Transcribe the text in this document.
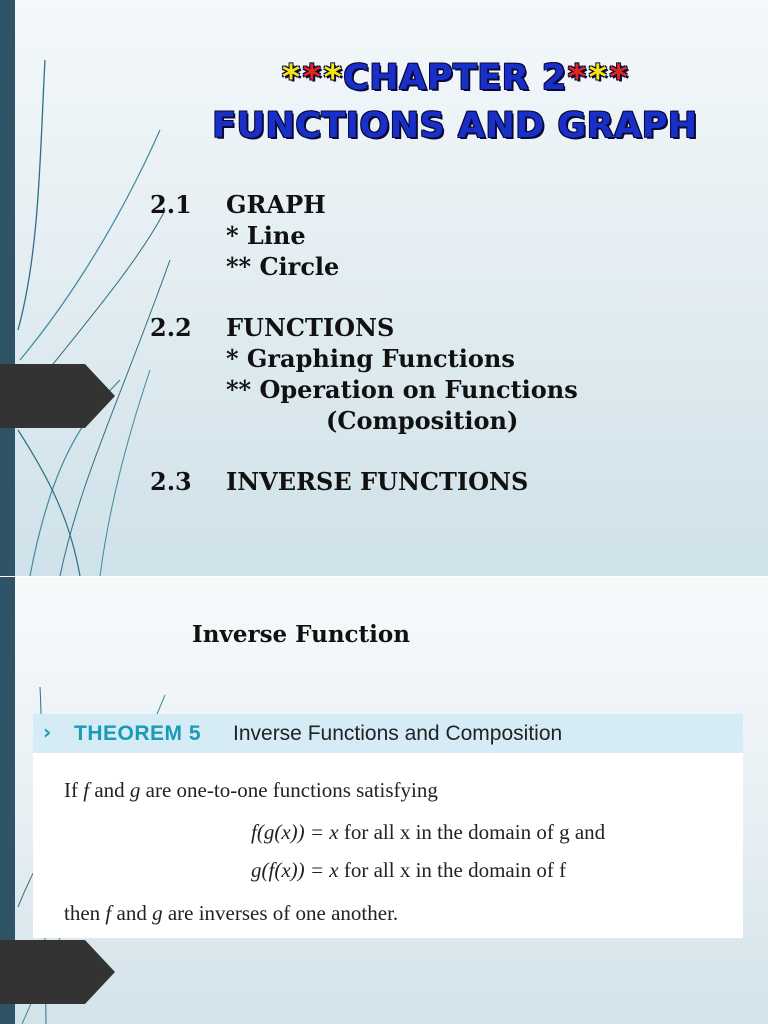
***CHAPTER 2***
FUNCTIONS AND GRAPH
2.1 GRAPH
* Line
** Circle
2.2 FUNCTIONS
* Graphing Functions
** Operation on Functions
(Composition)
2.3 INVERSE FUNCTIONS
Inverse Function
› THEOREM 5 Inverse Functions and Composition
If f and g are one-to-one functions satisfying
f(g(x)) = x for all x in the domain of g and
g(f(x)) = x for all x in the domain of f
then f and g are inverses of one another.
